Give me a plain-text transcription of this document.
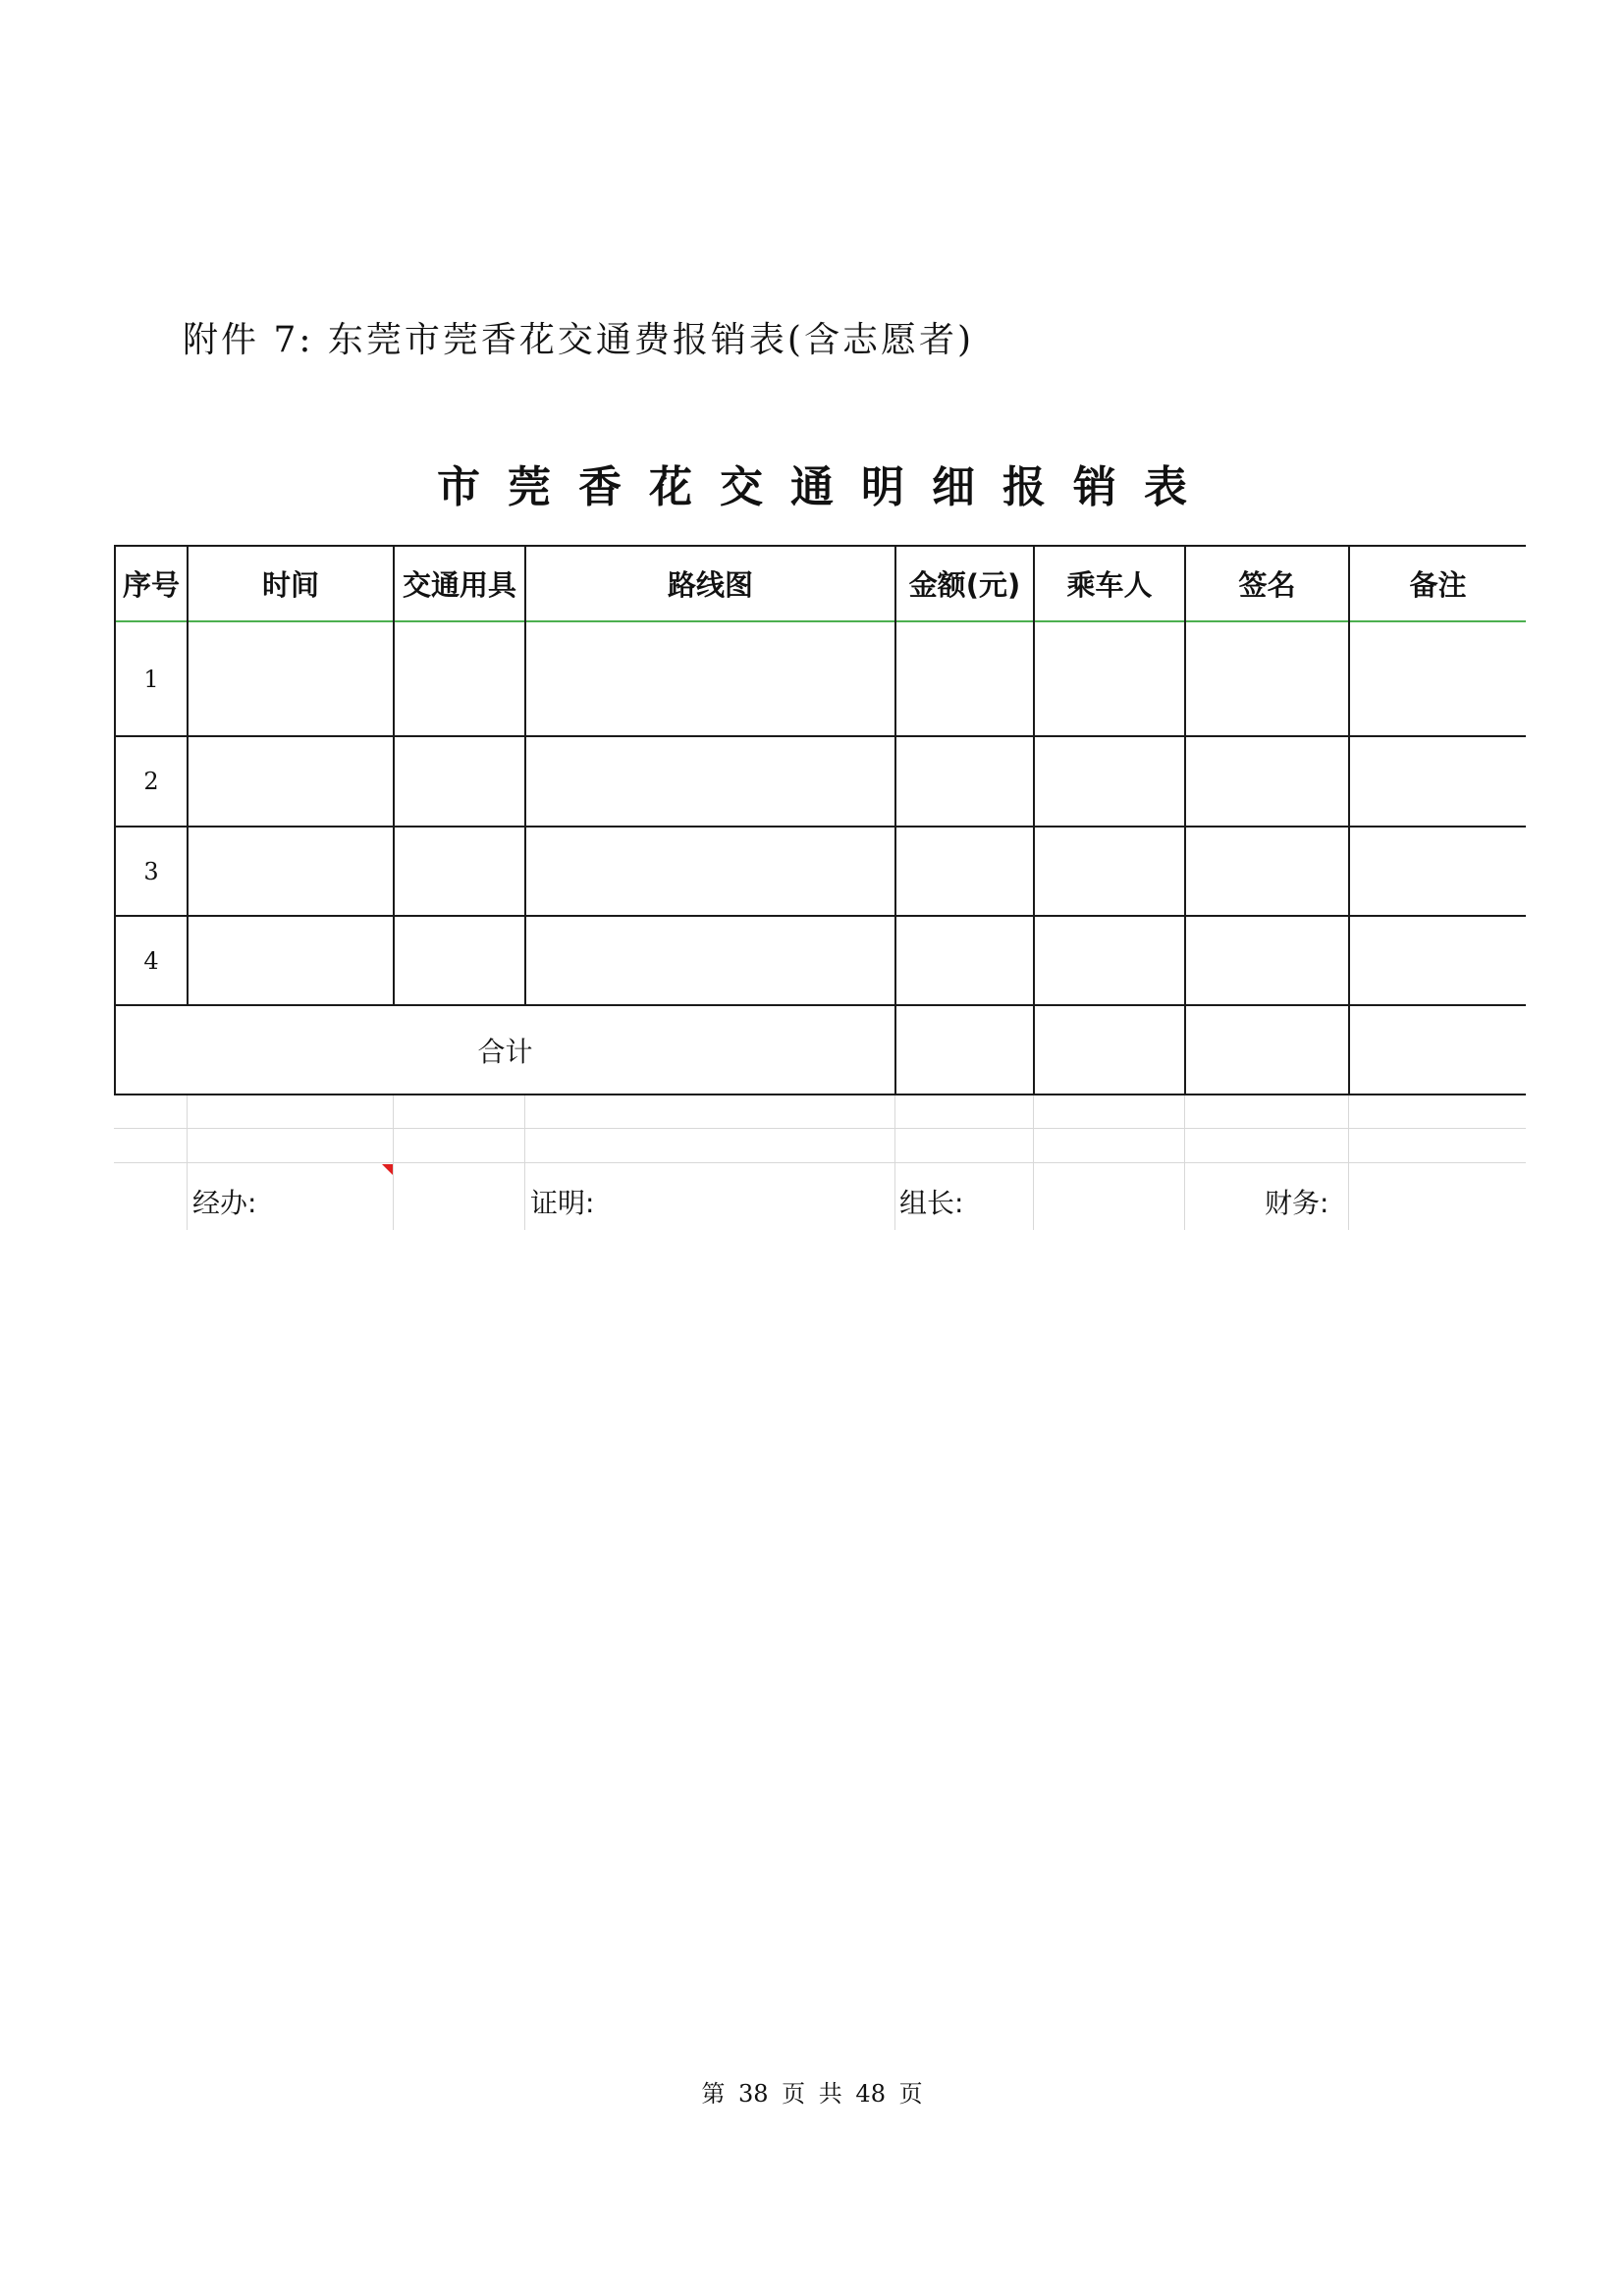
附件 7: 东莞市莞香花交通费报销表(含志愿者)
市莞香花交通明细报销表
序号	时间	交通用具	路线图	金额(元)	乘车人	签名	备注
1
2
3
4
合计
经办:	证明:	组长:	财务:
第 38 页 共 48 页
